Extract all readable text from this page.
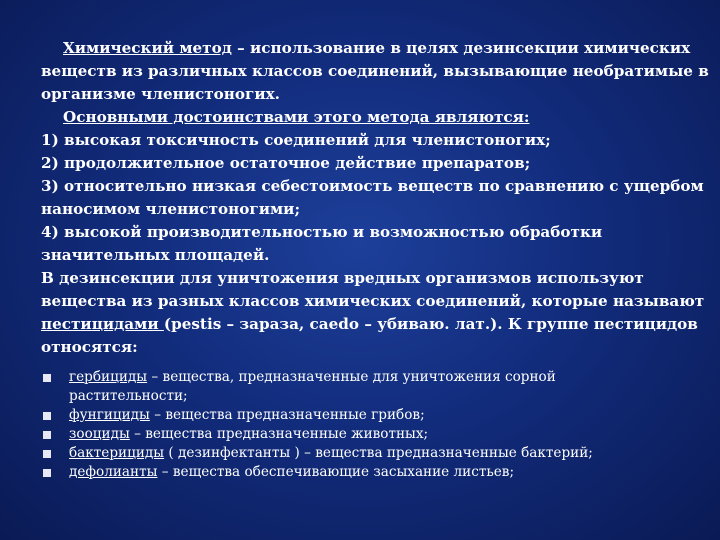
Химический метод – использование в целях дезинсекции химических
веществ из различных классов соединений, вызывающие необратимые в
организме членистоногих.
Основными достоинствами этого метода являются:
1) высокая токсичность соединений для членистоногих;
2) продолжительное остаточное действие препаратов;
3) относительно низкая себестоимость веществ по сравнению с ущербом
наносимом членистоногими;
4) высокой производительностью и возможностью обработки
значительных площадей.
В дезинсекции для уничтожения вредных организмов используют
вещества из разных классов химических соединений, которые называют
пестицидами (pestis – зараза, caedo – убиваю. лат.). К группе пестицидов
относятся:
гербициды – вещества, предназначенные для уничтожения сорной
растительности;
фунгициды – вещества предназначенные грибов;
зооциды – вещества предназначенные животных;
бактерициды ( дезинфектанты ) – вещества предназначенные бактерий;
дефолианты – вещества обеспечивающие засыхание листьев;
